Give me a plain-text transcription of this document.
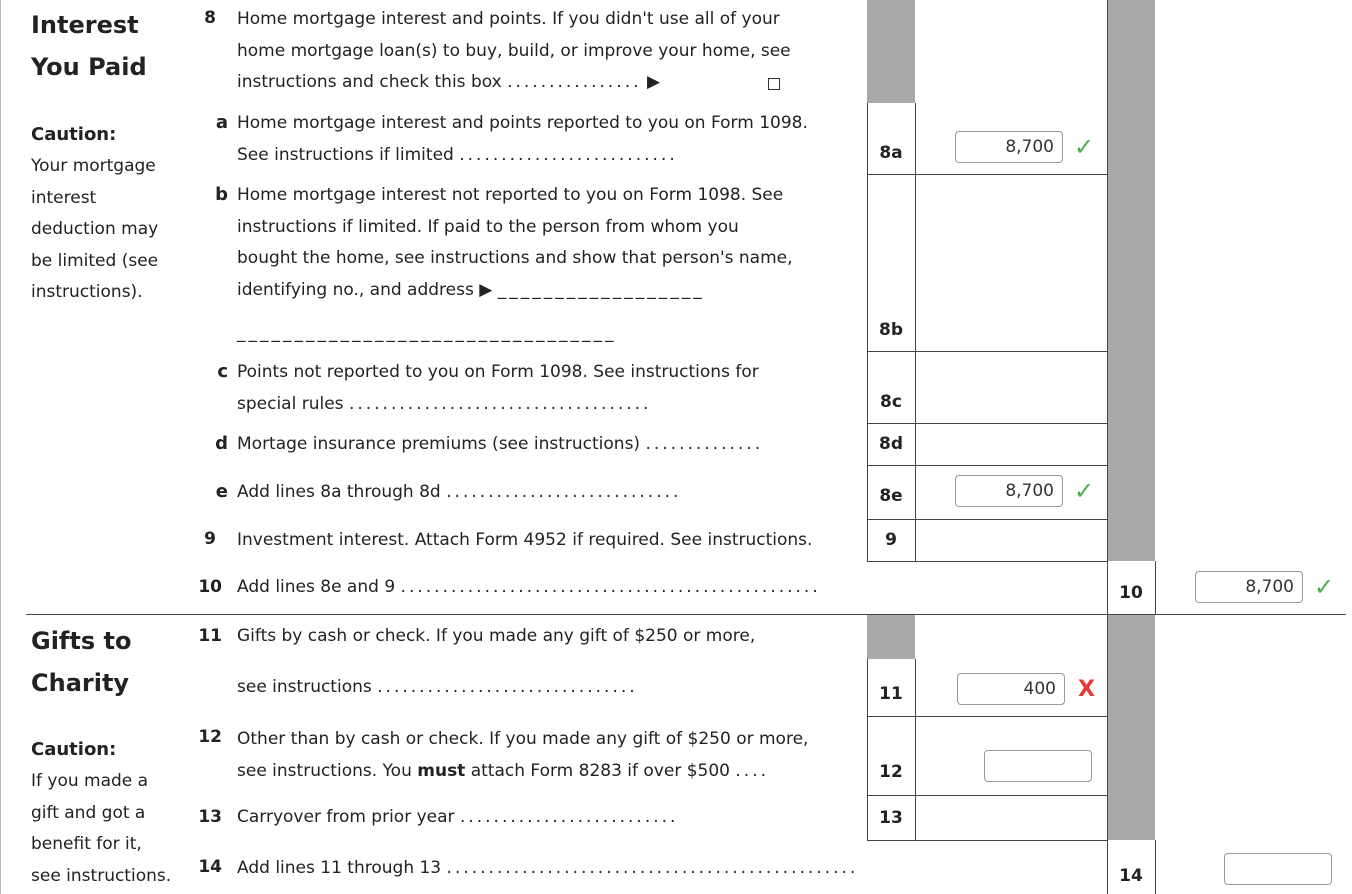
Interest
You Paid
Caution:
Your mortgage
interest
deduction may
be limited (see
instructions).
8 Home mortgage interest and points. If you didn't use all of your
home mortgage loan(s) to buy, build, or improve your home, see
instructions and check this box ................ ▶
a Home mortgage interest and points reported to you on Form 1098.
See instructions if limited ..........................	8a	8,700 ✓
b Home mortgage interest not reported to you on Form 1098. See
instructions if limited. If paid to the person from whom you
bought the home, see instructions and show that person's name,
identifying no., and address ▶ __________________
_________________________________	8b
c Points not reported to you on Form 1098. See instructions for
special rules ....................................	8c
d Mortage insurance premiums (see instructions) ..............	8d
e Add lines 8a through 8d ............................	8e	8,700 ✓
9 Investment interest. Attach Form 4952 if required. See instructions.	9
10 Add lines 8e and 9 ..................................................	10	8,700 ✓
Gifts to
Charity
Caution:
If you made a
gift and got a
benefit for it,
see instructions.
11 Gifts by cash or check. If you made any gift of $250 or more,
see instructions ...............................	11	400	X
12 Other than by cash or check. If you made any gift of $250 or more,
see instructions. You must attach Form 8283 if over $500 ....	12
13 Carryover from prior year ..........................	13
14 Add lines 11 through 13 .................................................	14
